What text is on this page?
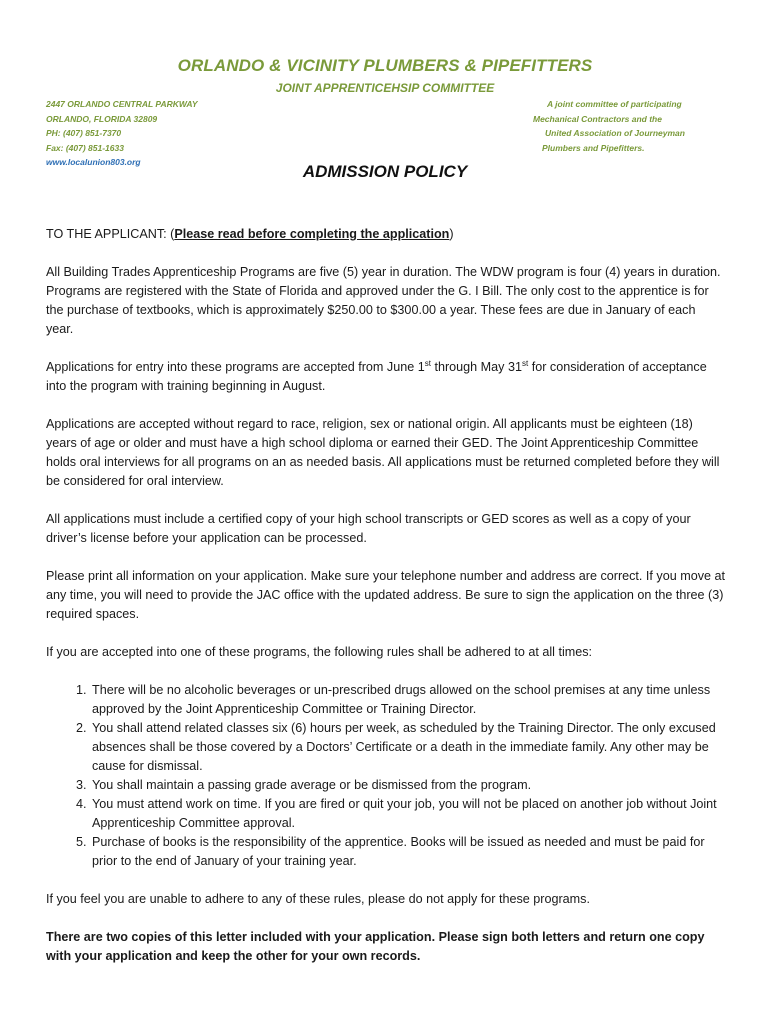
ORLANDO & VICINITY PLUMBERS & PIPEFITTERS
JOINT APPRENTICEHSIP COMMITTEE
2447 ORLANDO CENTRAL PARKWAY
ORLANDO, FLORIDA 32809
PH: (407) 851-7370
Fax: (407) 851-1633
www.localunion803.org
A joint committee of participating
Mechanical Contractors and the
United Association of Journeyman
Plumbers and Pipefitters.
ADMISSION POLICY

TO THE APPLICANT: (Please read before completing the application)

All Building Trades Apprenticeship Programs are five (5) year in duration. The WDW program is four (4) years in duration. Programs are registered with the State of Florida and approved under the G. I Bill. The only cost to the apprentice is for the purchase of textbooks, which is approximately $250.00 to $300.00 a year. These fees are due in January of each year.

Applications for entry into these programs are accepted from June 1st through May 31st for consideration of acceptance into the program with training beginning in August.

Applications are accepted without regard to race, religion, sex or national origin. All applicants must be eighteen (18) years of age or older and must have a high school diploma or earned their GED. The Joint Apprenticeship Committee holds oral interviews for all programs on an as needed basis. All applications must be returned completed before they will be considered for oral interview.

All applications must include a certified copy of your high school transcripts or GED scores as well as a copy of your driver’s license before your application can be processed.

Please print all information on your application. Make sure your telephone number and address are correct. If you move at any time, you will need to provide the JAC office with the updated address. Be sure to sign the application on the three (3) required spaces.

If you are accepted into one of these programs, the following rules shall be adhered to at all times:

1. There will be no alcoholic beverages or un-prescribed drugs allowed on the school premises at any time unless approved by the Joint Apprenticeship Committee or Training Director.
2. You shall attend related classes six (6) hours per week, as scheduled by the Training Director. The only excused absences shall be those covered by a Doctors’ Certificate or a death in the immediate family. Any other may be cause for dismissal.
3. You shall maintain a passing grade average or be dismissed from the program.
4. You must attend work on time. If you are fired or quit your job, you will not be placed on another job without Joint Apprenticeship Committee approval.
5. Purchase of books is the responsibility of the apprentice. Books will be issued as needed and must be paid for prior to the end of January of your training year.

If you feel you are unable to adhere to any of these rules, please do not apply for these programs.

There are two copies of this letter included with your application. Please sign both letters and return one copy with your application and keep the other for your own records.
